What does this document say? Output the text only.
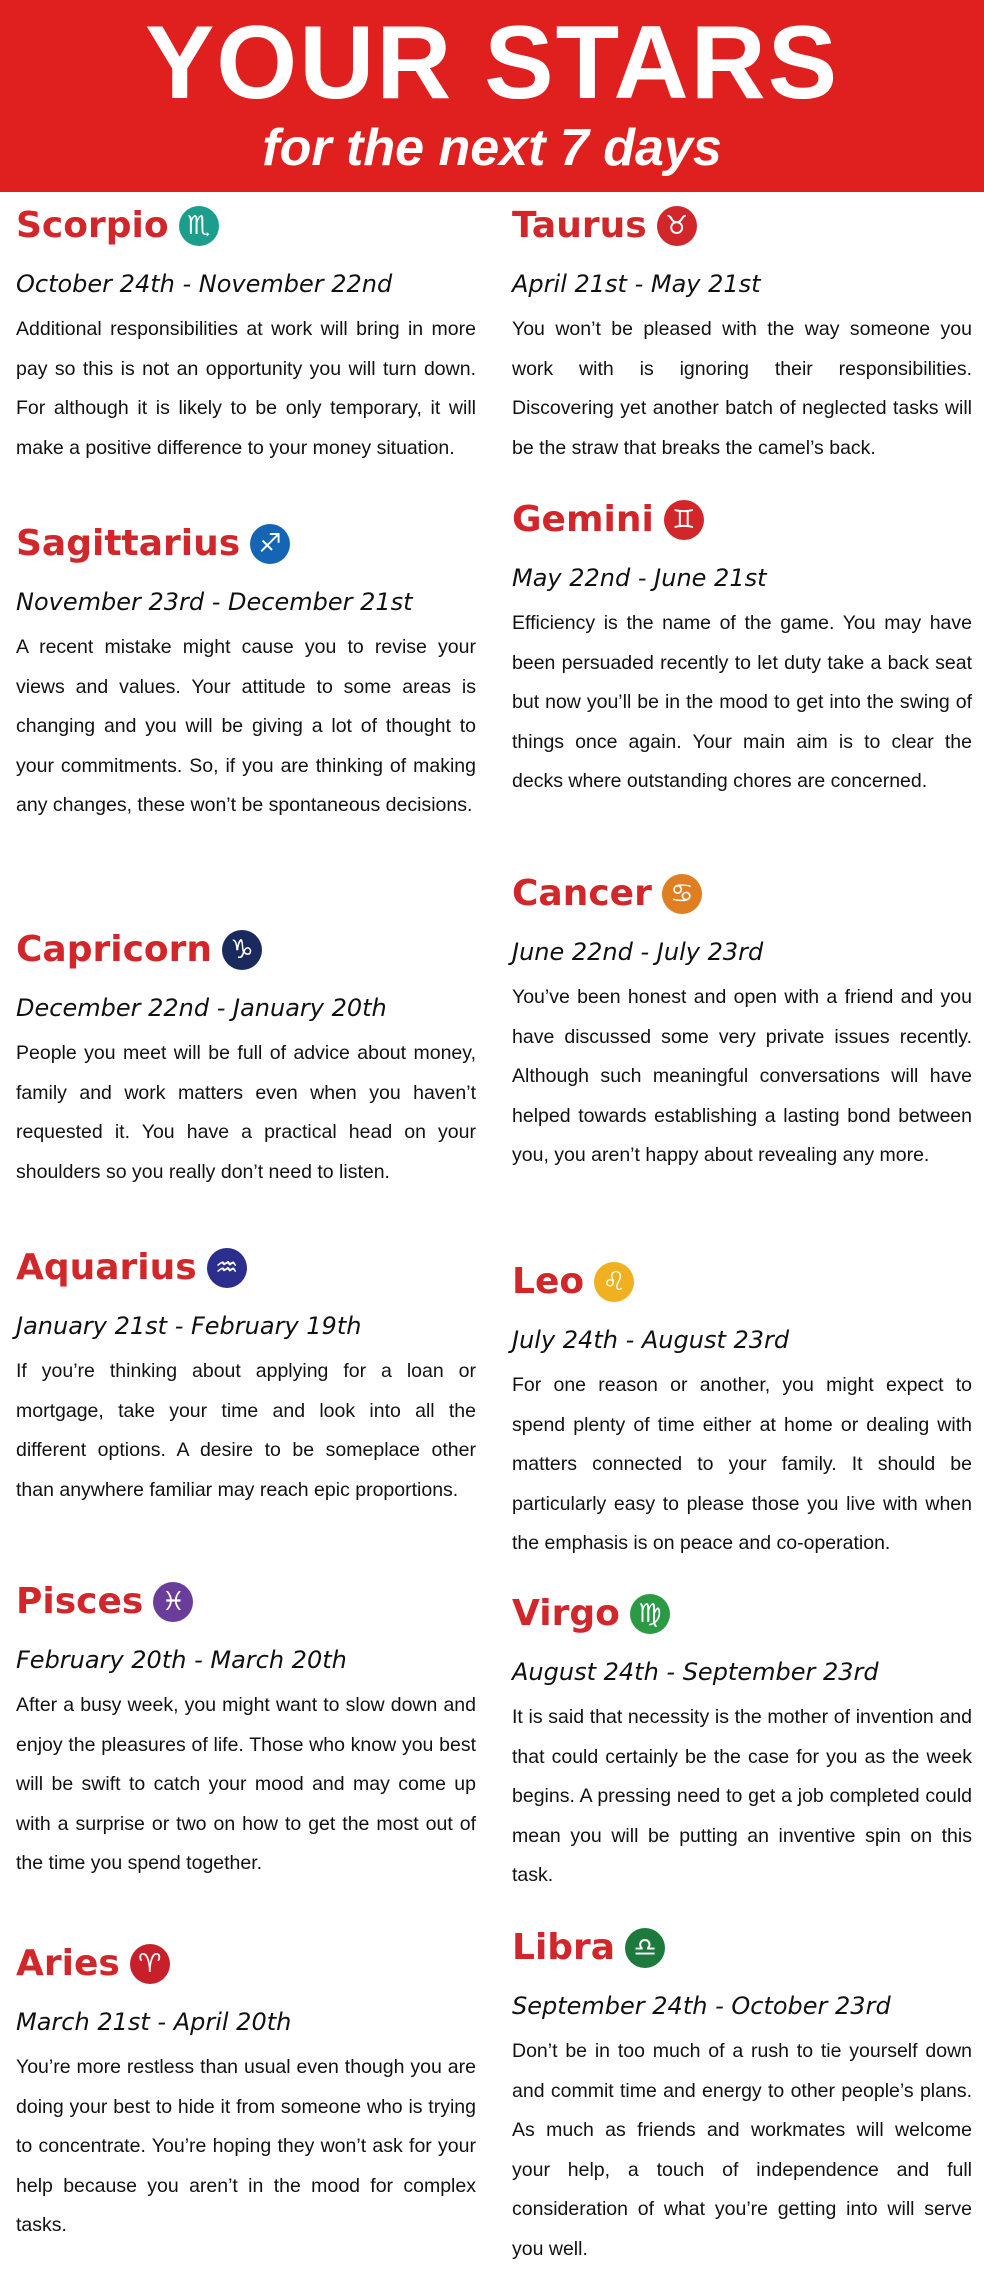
YOUR STARS
for the next 7 days
Scorpio ♏
October 24th - November 22nd
Additional responsibilities at work will bring in more pay so this is not an opportunity you will turn down. For although it is likely to be only temporary, it will make a positive difference to your money situation.
Sagittarius ♐
November 23rd - December 21st
A recent mistake might cause you to revise your views and values. Your attitude to some areas is changing and you will be giving a lot of thought to your commitments. So, if you are thinking of making any changes, these won’t be spontaneous decisions.
Capricorn ♑
December 22nd - January 20th
People you meet will be full of advice about money, family and work matters even when you haven’t requested it. You have a practical head on your shoulders so you really don’t need to listen.
Aquarius ♒
January 21st - February 19th
If you’re thinking about applying for a loan or mortgage, take your time and look into all the different options. A desire to be someplace other than anywhere familiar may reach epic proportions.
Pisces ♓
February 20th - March 20th
After a busy week, you might want to slow down and enjoy the pleasures of life. Those who know you best will be swift to catch your mood and may come up with a surprise or two on how to get the most out of the time you spend together.
Aries ♈
March 21st - April 20th
You’re more restless than usual even though you are doing your best to hide it from someone who is trying to concentrate. You’re hoping they won’t ask for your help because you aren’t in the mood for complex tasks.
Taurus ♉
April 21st - May 21st
You won’t be pleased with the way someone you work with is ignoring their responsibilities. Discovering yet another batch of neglected tasks will be the straw that breaks the camel’s back.
Gemini ♊
May 22nd - June 21st
Efficiency is the name of the game. You may have been persuaded recently to let duty take a back seat but now you’ll be in the mood to get into the swing of things once again. Your main aim is to clear the decks where outstanding chores are concerned.
Cancer ♋
June 22nd - July 23rd
You’ve been honest and open with a friend and you have discussed some very private issues recently. Although such meaningful conversations will have helped towards establishing a lasting bond between you, you aren’t happy about revealing any more.
Leo ♌
July 24th - August 23rd
For one reason or another, you might expect to spend plenty of time either at home or dealing with matters connected to your family. It should be particularly easy to please those you live with when the emphasis is on peace and co-operation.
Virgo ♍
August 24th - September 23rd
It is said that necessity is the mother of invention and that could certainly be the case for you as the week begins. A pressing need to get a job completed could mean you will be putting an inventive spin on this task.
Libra ♎
September 24th - October 23rd
Don’t be in too much of a rush to tie yourself down and commit time and energy to other people’s plans. As much as friends and workmates will welcome your help, a touch of independence and full consideration of what you’re getting into will serve you well.
